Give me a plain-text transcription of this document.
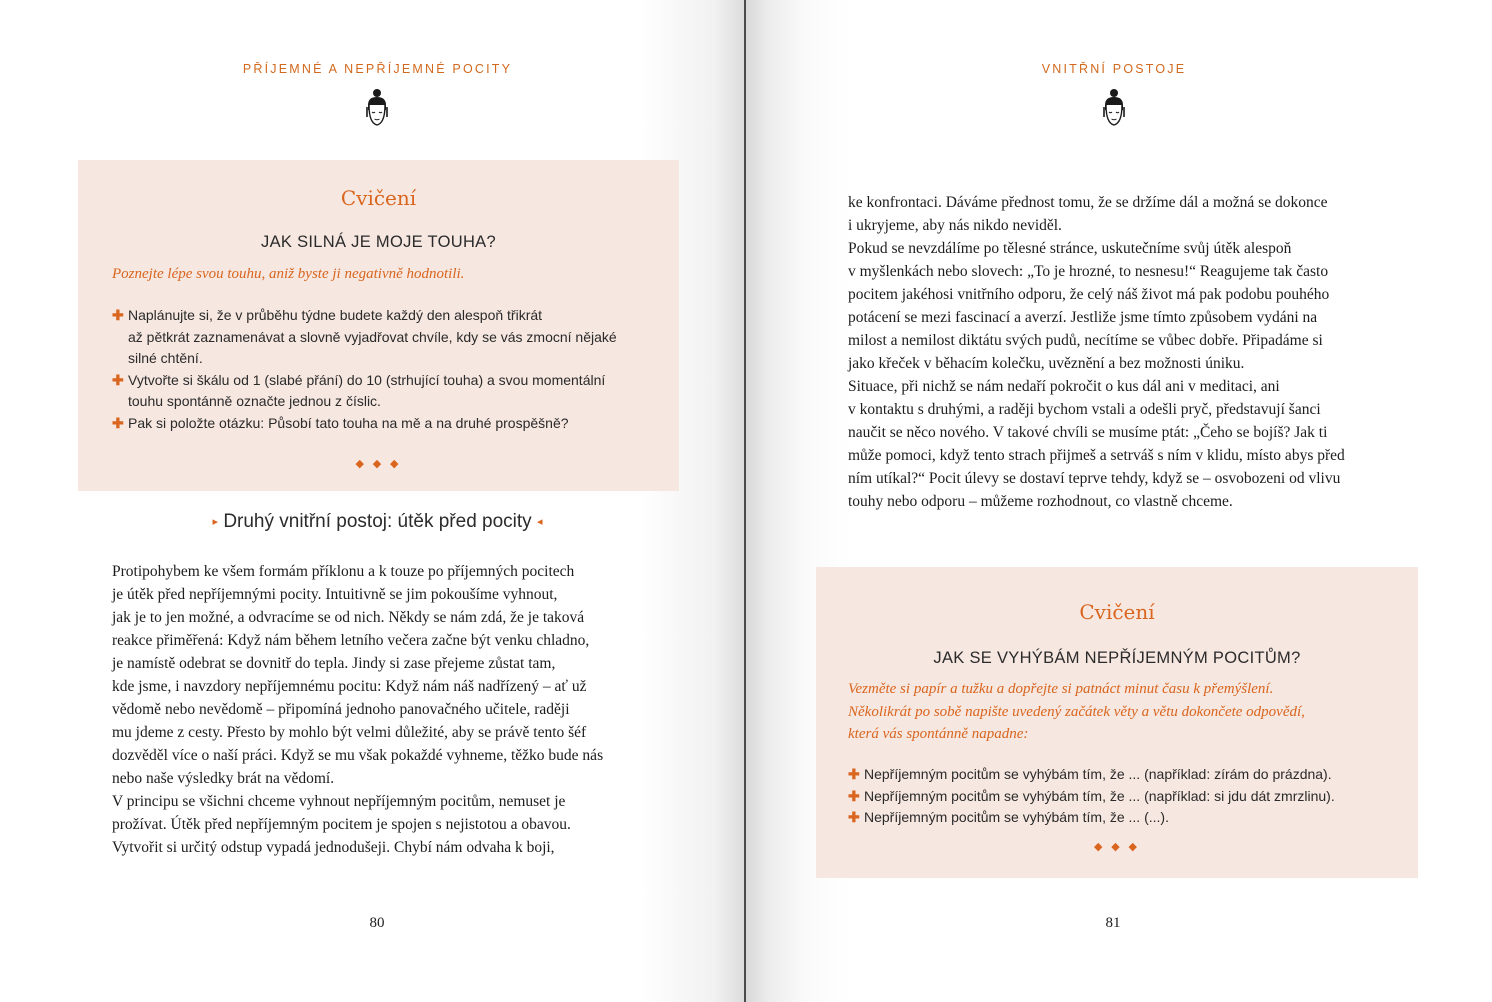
PŘÍJEMNÉ A NEPŘÍJEMNÉ POCITY
Cvičení
JAK SILNÁ JE MOJE TOUHA?
Poznejte lépe svou touhu, aniž byste ji negativně hodnotili.
✚ Naplánujte si, že v průběhu týdne budete každý den alespoň třikrát
až pětkrát zaznamenávat a slovně vyjadřovat chvíle, kdy se vás zmocní nějaké
silné chtění.
✚ Vytvořte si škálu od 1 (slabé přání) do 10 (strhující touha) a svou momentální
touhu spontánně označte jednou z číslic.
✚ Pak si položte otázku: Působí tato touha na mě a na druhé prospěšně?
◆ ◆ ◆
▸ Druhý vnitřní postoj: útěk před pocity ◂
Protipohybem ke všem formám příklonu a k touze po příjemných pocitech
je útěk před nepříjemnými pocity. Intuitivně se jim pokoušíme vyhnout,
jak je to jen možné, a odvracíme se od nich. Někdy se nám zdá, že je taková
reakce přiměřená: Když nám během letního večera začne být venku chladno,
je namístě odebrat se dovnitř do tepla. Jindy si zase přejeme zůstat tam,
kde jsme, i navzdory nepříjemnému pocitu: Když nám náš nadřízený – ať už
vědomě nebo nevědomě – připomíná jednoho panovačného učitele, raději
mu jdeme z cesty. Přesto by mohlo být velmi důležité, aby se právě tento šéf
dozvěděl více o naší práci. Když se mu však pokaždé vyhneme, těžko bude nás
nebo naše výsledky brát na vědomí.
V principu se všichni chceme vyhnout nepříjemným pocitům, nemuset je
prožívat. Útěk před nepříjemným pocitem je spojen s nejistotou a obavou.
Vytvořit si určitý odstup vypadá jednodušeji. Chybí nám odvaha k boji,
80
VNITŘNÍ POSTOJE
ke konfrontaci. Dáváme přednost tomu, že se držíme dál a možná se dokonce
i ukryjeme, aby nás nikdo neviděl.
Pokud se nevzdálíme po tělesné stránce, uskutečníme svůj útěk alespoň
v myšlenkách nebo slovech: „To je hrozné, to nesnesu!“ Reagujeme tak často
pocitem jakéhosi vnitřního odporu, že celý náš život má pak podobu pouhého
potácení se mezi fascinací a averzí. Jestliže jsme tímto způsobem vydáni na
milost a nemilost diktátu svých pudů, necítíme se vůbec dobře. Připadáme si
jako křeček v běhacím kolečku, uvěznění a bez možnosti úniku.
Situace, při nichž se nám nedaří pokročit o kus dál ani v meditaci, ani
v kontaktu s druhými, a raději bychom vstali a odešli pryč, představují šanci
naučit se něco nového. V takové chvíli se musíme ptát: „Čeho se bojíš? Jak ti
může pomoci, když tento strach přijmeš a setrváš s ním v klidu, místo abys před
ním utíkal?“ Pocit úlevy se dostaví teprve tehdy, když se – osvobozeni od vlivu
touhy nebo odporu – můžeme rozhodnout, co vlastně chceme.
Cvičení
JAK SE VYHÝBÁM NEPŘÍJEMNÝM POCITŮM?
Vezměte si papír a tužku a dopřejte si patnáct minut času k přemýšlení.
Několikrát po sobě napište uvedený začátek věty a větu dokončete odpovědí,
která vás spontánně napadne:
✚ Nepříjemným pocitům se vyhýbám tím, že ... (například: zírám do prázdna).
✚ Nepříjemným pocitům se vyhýbám tím, že ... (například: si jdu dát zmrzlinu).
✚ Nepříjemným pocitům se vyhýbám tím, že ... (...).
◆ ◆ ◆
81
